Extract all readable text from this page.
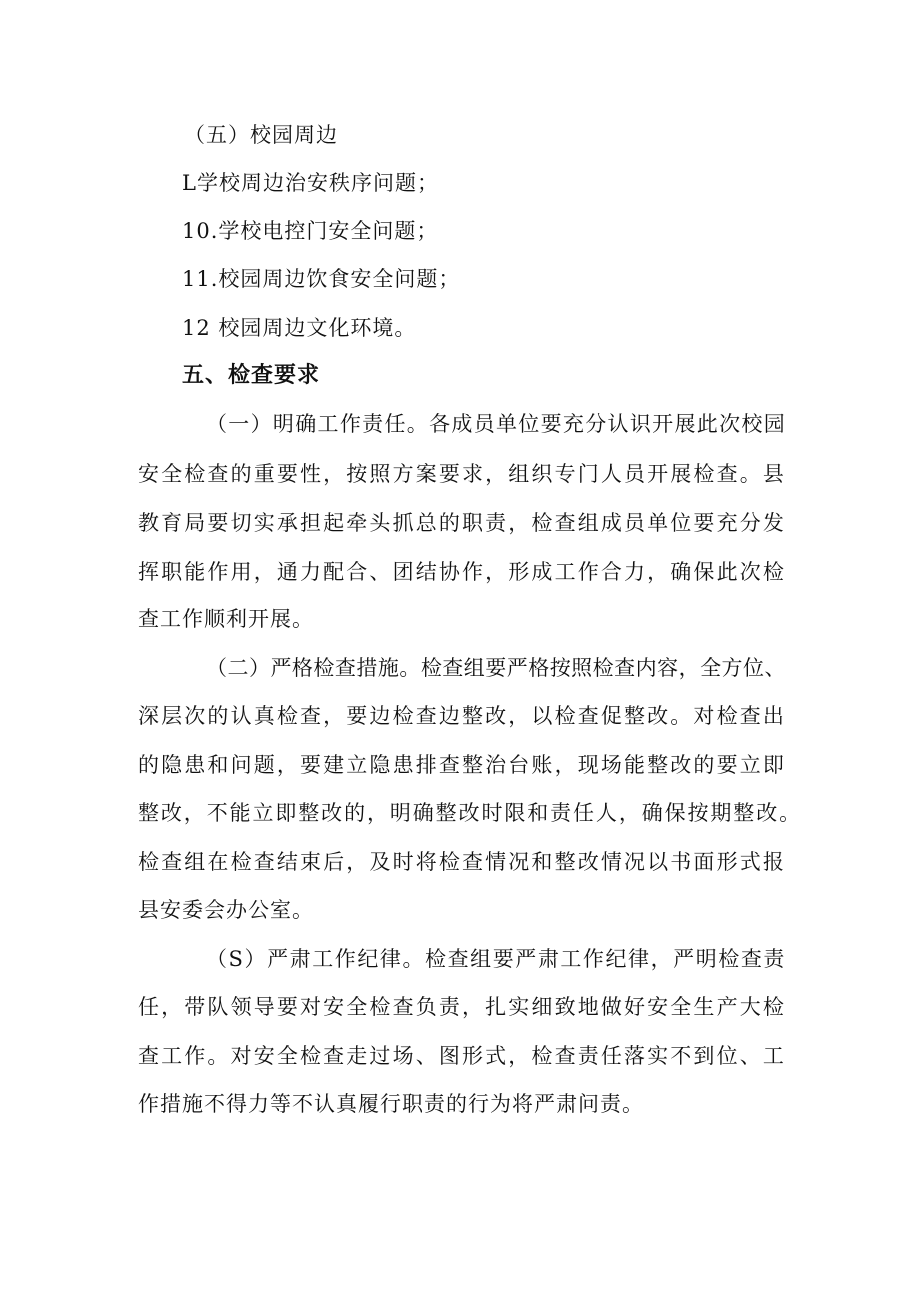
（五）校园周边
L学校周边治安秩序问题；
10.学校电控门安全问题；
11.校园周边饮食安全问题；
12 校园周边文化环境。
五、检查要求
（一）明确工作责任。各成员单位要充分认识开展此次校园
安全检查的重要性，按照方案要求，组织专门人员开展检查。县
教育局要切实承担起牵头抓总的职责，检查组成员单位要充分发
挥职能作用，通力配合、团结协作，形成工作合力，确保此次检
查工作顺利开展。
（二）严格检查措施。检查组要严格按照检查内容，全方位、
深层次的认真检查，要边检查边整改，以检查促整改。对检查出
的隐患和问题，要建立隐患排查整治台账，现场能整改的要立即
整改，不能立即整改的，明确整改时限和责任人，确保按期整改。
检查组在检查结束后，及时将检查情况和整改情况以书面形式报
县安委会办公室。
（S）严肃工作纪律。检查组要严肃工作纪律，严明检查责
任，带队领导要对安全检查负责，扎实细致地做好安全生产大检
查工作。对安全检查走过场、图形式，检查责任落实不到位、工
作措施不得力等不认真履行职责的行为将严肃问责。
